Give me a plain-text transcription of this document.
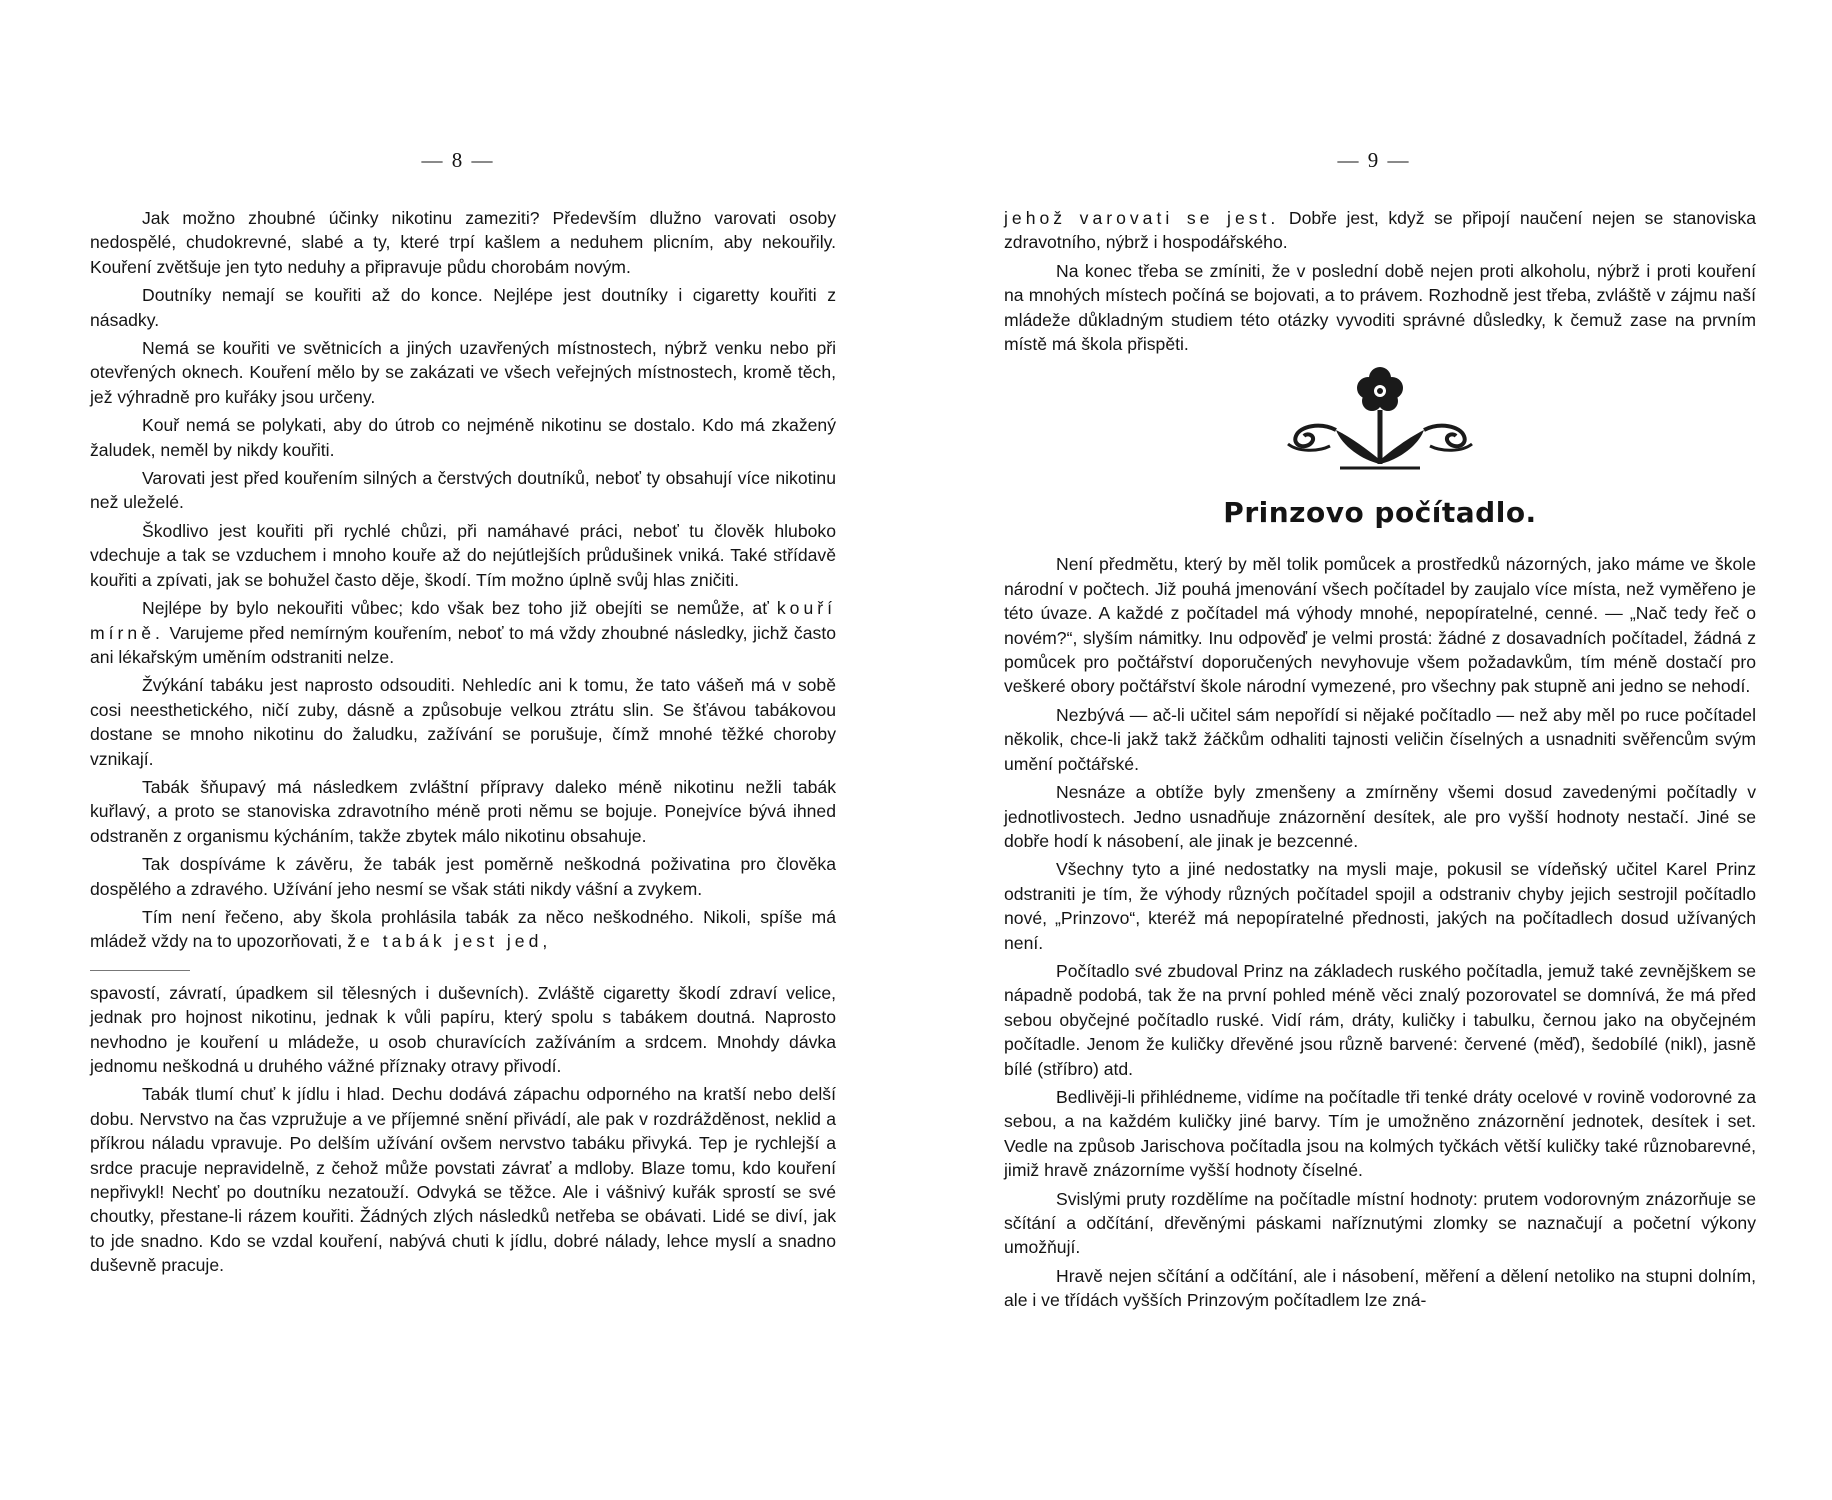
— 8 —

Jak možno zhoubné účinky nikotinu zameziti? Především dlužno varovati osoby nedospělé, chudokrevné, slabé a ty, které trpí kašlem a neduhem plicním, aby nekouřily. Kouření zvětšuje jen tyto neduhy a připravuje půdu chorobám novým.

Doutníky nemají se kouřiti až do konce. Nejlépe jest doutníky i cigaretty kouřiti z násadky.

Nemá se kouřiti ve světnicích a jiných uzavřených místnostech, nýbrž venku nebo při otevřených oknech. Kouření mělo by se zakázati ve všech veřejných místnostech, kromě těch, jež výhradně pro kuřáky jsou určeny.

Kouř nemá se polykati, aby do útrob co nejméně nikotinu se dostalo. Kdo má zkažený žaludek, neměl by nikdy kouřiti.

Varovati jest před kouřením silných a čerstvých doutníků, neboť ty obsahují více nikotinu než uleželé.

Škodlivo jest kouřiti při rychlé chůzi, při namáhavé práci, neboť tu člověk hluboko vdechuje a tak se vzduchem i mnoho kouře až do nejútlejších průdušinek vniká. Také střídavě kouřiti a zpívati, jak se bohužel často děje, škodí. Tím možno úplně svůj hlas zničiti.

Nejlépe by bylo nekouřiti vůbec; kdo však bez toho již obejíti se nemůže, ať kouří mírně. Varujeme před nemírným kouřením, neboť to má vždy zhoubné následky, jichž často ani lékařským uměním odstraniti nelze.

Žvýkání tabáku jest naprosto odsouditi. Nehledíc ani k tomu, že tato vášeň má v sobě cosi neesthetického, ničí zuby, dásně a způsobuje velkou ztrátu slin. Se šťávou tabákovou dostane se mnoho nikotinu do žaludku, zažívání se porušuje, čímž mnohé těžké choroby vznikají.

Tabák šňupavý má následkem zvláštní přípravy daleko méně nikotinu nežli tabák kuřlavý, a proto se stanoviska zdravotního méně proti němu se bojuje. Ponejvíce bývá ihned odstraněn z organismu kýcháním, takže zbytek málo nikotinu obsahuje.

Tak dospíváme k závěru, že tabák jest poměrně neškodná poživatina pro člověka dospělého a zdravého. Užívání jeho nesmí se však státi nikdy vášní a zvykem.

Tím není řečeno, aby škola prohlásila tabák za něco neškodného. Nikoli, spíše má mládež vždy na to upozorňovati, že tabák jest jed,

spavostí, závratí, úpadkem sil tělesných i duševních). Zvláště cigaretty škodí zdraví velice, jednak pro hojnost nikotinu, jednak k vůli papíru, který spolu s tabákem doutná. Naprosto nevhodno je kouření u mládeže, u osob churavících zažíváním a srdcem. Mnohdy dávka jednomu neškodná u druhého vážné příznaky otravy přivodí.

Tabák tlumí chuť k jídlu i hlad. Dechu dodává zápachu odporného na kratší nebo delší dobu. Nervstvo na čas vzpružuje a ve příjemné snění přivádí, ale pak v rozdrážděnost, neklid a příkrou náladu vpravuje. Po delším užívání ovšem nervstvo tabáku přivyká. Tep je rychlejší a srdce pracuje nepravidelně, z čehož může povstati závrať a mdloby. Blaze tomu, kdo kouření nepřivykl! Nechť po doutníku nezatouží. Odvyká se těžce. Ale i vášnivý kuřák sprostí se své choutky, přestane-li rázem kouřiti. Žádných zlých následků netřeba se obávati. Lidé se diví, jak to jde snadno. Kdo se vzdal kouření, nabývá chuti k jídlu, dobré nálady, lehce myslí a snadno duševně pracuje.

— 9 —

jehož varovati se jest. Dobře jest, když se připojí naučení nejen se stanoviska zdravotního, nýbrž i hospodářského.

Na konec třeba se zmíniti, že v poslední době nejen proti alkoholu, nýbrž i proti kouření na mnohých místech počíná se bojovati, a to právem. Rozhodně jest třeba, zvláště v zájmu naší mládeže důkladným studiem této otázky vyvoditi správné důsledky, k čemuž zase na prvním místě má škola přispěti.

Prinzovo počítadlo.

Není předmětu, který by měl tolik pomůcek a prostředků názorných, jako máme ve škole národní v počtech. Již pouhá jmenování všech počítadel by zaujalo více místa, než vyměřeno je této úvaze. A každé z počítadel má výhody mnohé, nepopíratelné, cenné. — „Nač tedy řeč o novém?“, slyším námitky. Inu odpověď je velmi prostá: žádné z dosavadních počítadel, žádná z pomůcek pro počtářství doporučených nevyhovuje všem požadavkům, tím méně dostačí pro veškeré obory počtářství škole národní vymezené, pro všechny pak stupně ani jedno se nehodí.

Nezbývá — ač-li učitel sám nepořídí si nějaké počítadlo — než aby měl po ruce počítadel několik, chce-li jakž takž žáčkům odhaliti tajnosti veličin číselných a usnadniti svěřencům svým umění počtářské.

Nesnáze a obtíže byly zmenšeny a zmírněny všemi dosud zavedenými počítadly v jednotlivostech. Jedno usnadňuje znázornění desítek, ale pro vyšší hodnoty nestačí. Jiné se dobře hodí k násobení, ale jinak je bezcenné.

Všechny tyto a jiné nedostatky na mysli maje, pokusil se vídeňský učitel Karel Prinz odstraniti je tím, že výhody různých počítadel spojil a odstraniv chyby jejich sestrojil počítadlo nové, „Prinzovo“, kteréž má nepopíratelné přednosti, jakých na počítadlech dosud užívaných není.

Počítadlo své zbudoval Prinz na základech ruského počítadla, jemuž také zevnějškem se nápadně podobá, tak že na první pohled méně věci znalý pozorovatel se domnívá, že má před sebou obyčejné počítadlo ruské. Vidí rám, dráty, kuličky i tabulku, černou jako na obyčejném počítadle. Jenom že kuličky dřevěné jsou různě barvené: červené (měď), šedobílé (nikl), jasně bílé (stříbro) atd.

Bedlivěji-li přihlédneme, vidíme na počítadle tři tenké dráty ocelové v rovině vodorovné za sebou, a na každém kuličky jiné barvy. Tím je umožněno znázornění jednotek, desítek i set. Vedle na způsob Jarischova počítadla jsou na kolmých tyčkách větší kuličky také různobarevné, jimiž hravě znázorníme vyšší hodnoty číselné.

Svislými pruty rozdělíme na počítadle místní hodnoty: prutem vodorovným znázorňuje se sčítání a odčítání, dřevěnými páskami naříznutými zlomky se naznačují a početní výkony umožňují.

Hravě nejen sčítání a odčítání, ale i násobení, měření a dělení netoliko na stupni dolním, ale i ve třídách vyšších Prinzovým počítadlem lze zná-
